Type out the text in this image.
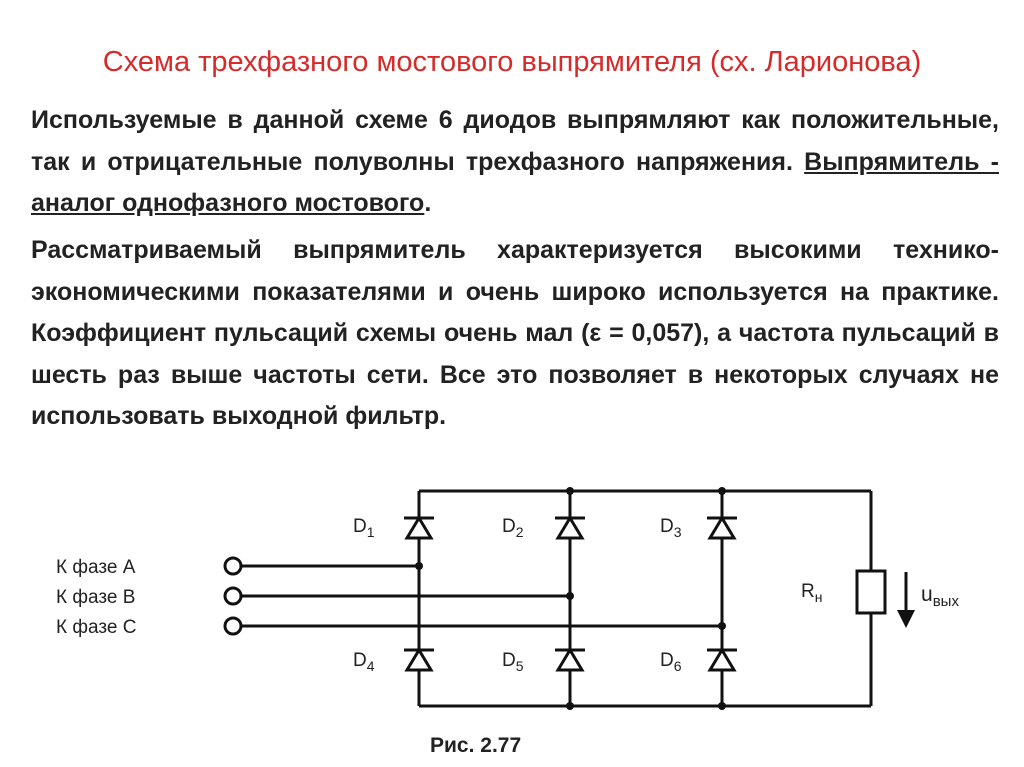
Схема трехфазного мостового выпрямителя (сх. Ларионова)

Используемые в данной схеме 6 диодов выпрямляют как положительные, так и отрицательные полуволны трехфазного напряжения. Выпрямитель - аналог однофазного мостового.

Рассматриваемый выпрямитель характеризуется высокими технико-экономическими показателями и очень широко используется на практике. Коэффициент пульсаций схемы очень мал (ε = 0,057), а частота пульсаций в шесть раз выше частоты сети. Все это позволяет в некоторых случаях не использовать выходной фильтр.

$D_1$	$D_2$	$D_3$
$D_4$	$D_5$	$D_6$
К фазе A
К фазе B
К фазе C
$R_н$	$u_{вых}$
Рис. 2.77
